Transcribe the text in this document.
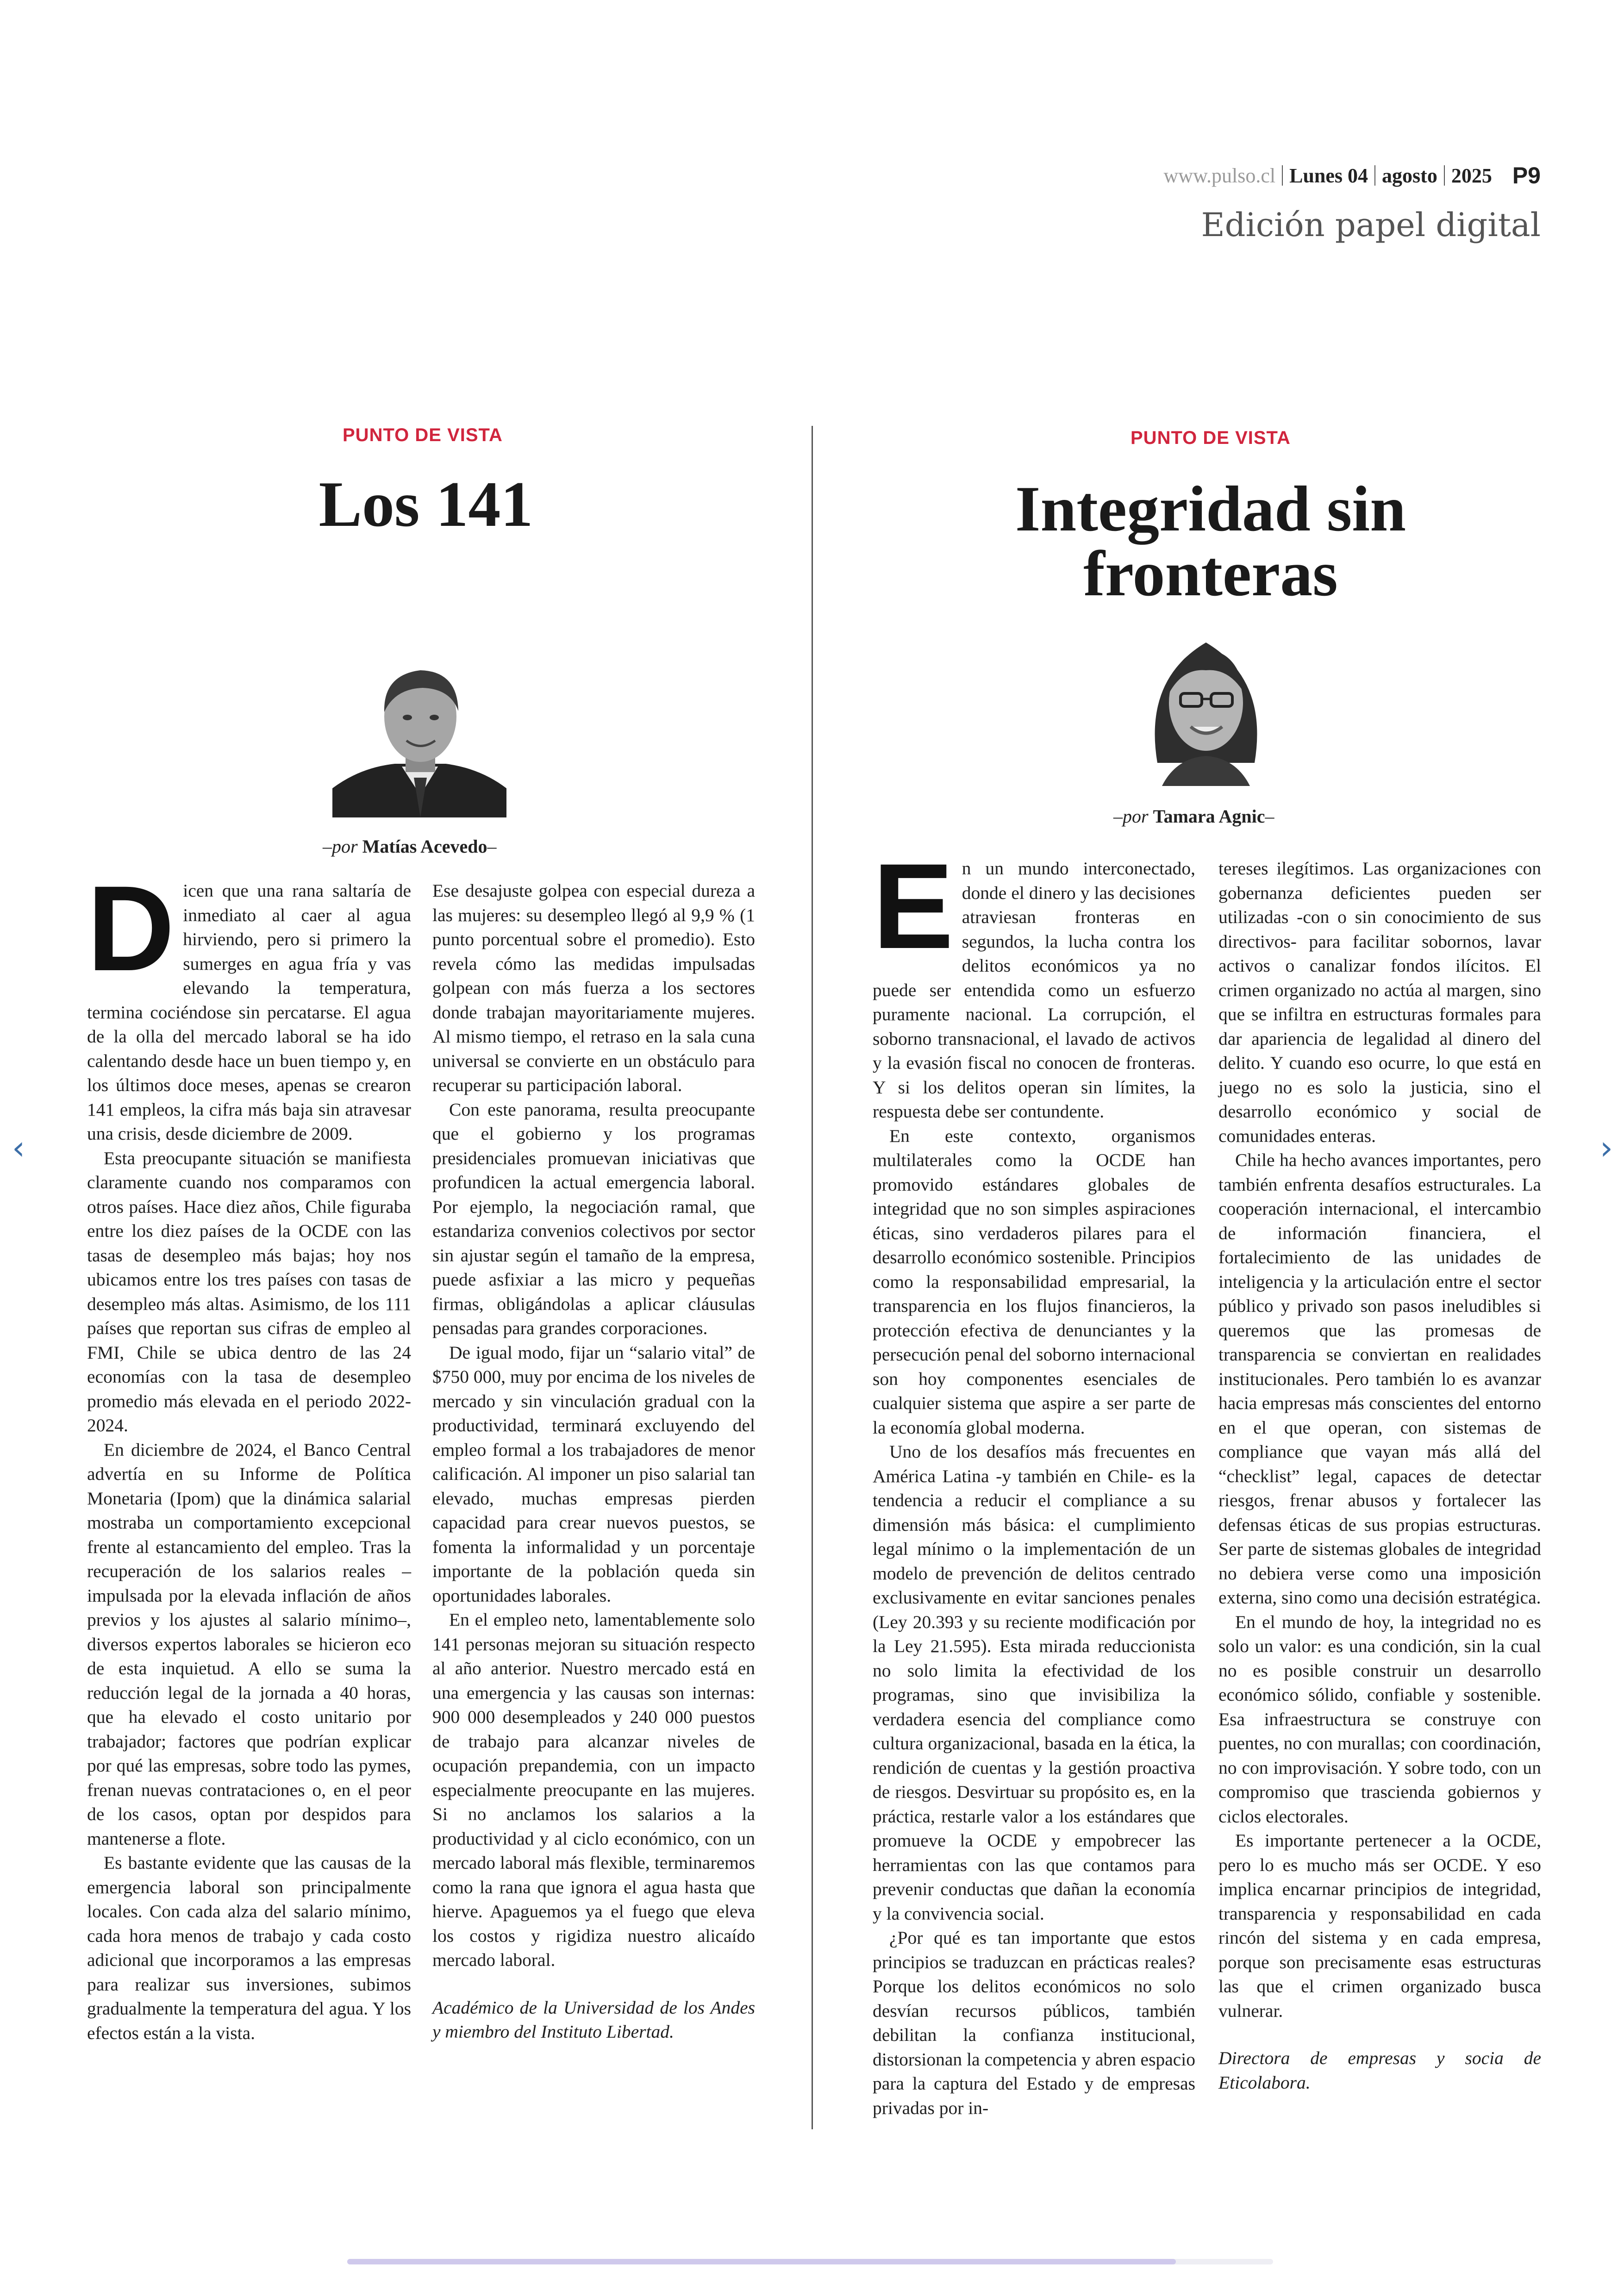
www.pulso.cl Lunes 04 agosto 2025 P9
Edición papel digital
PUNTO DE VISTA
Los 141
–por Matías Acevedo–

Dicen que una rana saltaría de inmediato al caer al agua hirviendo, pero si primero la sumerges en agua fría y vas elevando la temperatura, termina cociéndose sin percatarse. El agua de la olla del mercado laboral se ha ido calentando desde hace un buen tiempo y, en los últimos doce meses, apenas se crearon 141 empleos, la cifra más baja sin atravesar una crisis, desde diciembre de 2009.

Esta preocupante situación se manifiesta claramente cuando nos comparamos con otros países. Hace diez años, Chile figuraba entre los diez países de la OCDE con las tasas de desempleo más bajas; hoy nos ubicamos entre los tres países con tasas de desempleo más altas. Asimismo, de los 111 países que reportan sus cifras de empleo al FMI, Chile se ubica dentro de las 24 economías con la tasa de desempleo promedio más elevada en el periodo 2022-2024.

En diciembre de 2024, el Banco Central advertía en su Informe de Política Monetaria (Ipom) que la dinámica salarial mostraba un comportamiento excepcional frente al estancamiento del empleo. Tras la recuperación de los salarios reales –impulsada por la elevada inflación de años previos y los ajustes al salario mínimo–, diversos expertos laborales se hicieron eco de esta inquietud. A ello se suma la reducción legal de la jornada a 40 horas, que ha elevado el costo unitario por trabajador; factores que podrían explicar por qué las empresas, sobre todo las pymes, frenan nuevas contrataciones o, en el peor de los casos, optan por despidos para mantenerse a flote.

Es bastante evidente que las causas de la emergencia laboral son principalmente locales. Con cada alza del salario mínimo, cada hora menos de trabajo y cada costo adicional que incorporamos a las empresas para realizar sus inversiones, subimos gradualmente la temperatura del agua. Y los efectos están a la vista.

Ese desajuste golpea con especial dureza a las mujeres: su desempleo llegó al 9,9 % (1 punto porcentual sobre el promedio). Esto revela cómo las medidas impulsadas golpean con más fuerza a los sectores donde trabajan mayoritariamente mujeres. Al mismo tiempo, el retraso en la sala cuna universal se convierte en un obstáculo para recuperar su participación laboral.

Con este panorama, resulta preocupante que el gobierno y los programas presidenciales promuevan iniciativas que profundicen la actual emergencia laboral. Por ejemplo, la negociación ramal, que estandariza convenios colectivos por sector sin ajustar según el tamaño de la empresa, puede asfixiar a las micro y pequeñas firmas, obligándolas a aplicar cláusulas pensadas para grandes corporaciones.

De igual modo, fijar un “salario vital” de $750 000, muy por encima de los niveles de mercado y sin vinculación gradual con la productividad, terminará excluyendo del empleo formal a los trabajadores de menor calificación. Al imponer un piso salarial tan elevado, muchas empresas pierden capacidad para crear nuevos puestos, se fomenta la informalidad y un porcentaje importante de la población queda sin oportunidades laborales.

En el empleo neto, lamentablemente solo 141 personas mejoran su situación respecto al año anterior. Nuestro mercado está en una emergencia y las causas son internas: 900 000 desempleados y 240 000 puestos de trabajo para alcanzar niveles de ocupación prepandemia, con un impacto especialmente preocupante en las mujeres. Si no anclamos los salarios a la productividad y al ciclo económico, con un mercado laboral más flexible, terminaremos como la rana que ignora el agua hasta que hierve. Apaguemos ya el fuego que eleva los costos y rigidiza nuestro alicaído mercado laboral.

Académico de la Universidad de los Andes y miembro del Instituto Libertad.

PUNTO DE VISTA
Integridad sin
fronteras
–por Tamara Agnic–

En un mundo interconectado, donde el dinero y las decisiones atraviesan fronteras en segundos, la lucha contra los delitos económicos ya no puede ser entendida como un esfuerzo puramente nacional. La corrupción, el soborno transnacional, el lavado de activos y la evasión fiscal no conocen de fronteras. Y si los delitos operan sin límites, la respuesta debe ser contundente.

En este contexto, organismos multilaterales como la OCDE han promovido estándares globales de integridad que no son simples aspiraciones éticas, sino verdaderos pilares para el desarrollo económico sostenible. Principios como la responsabilidad empresarial, la transparencia en los flujos financieros, la protección efectiva de denunciantes y la persecución penal del soborno internacional son hoy componentes esenciales de cualquier sistema que aspire a ser parte de la economía global moderna.

Uno de los desafíos más frecuentes en América Latina -y también en Chile- es la tendencia a reducir el compliance a su dimensión más básica: el cumplimiento legal mínimo o la implementación de un modelo de prevención de delitos centrado exclusivamente en evitar sanciones penales (Ley 20.393 y su reciente modificación por la Ley 21.595). Esta mirada reduccionista no solo limita la efectividad de los programas, sino que invisibiliza la verdadera esencia del compliance como cultura organizacional, basada en la ética, la rendición de cuentas y la gestión proactiva de riesgos. Desvirtuar su propósito es, en la práctica, restarle valor a los estándares que promueve la OCDE y empobrecer las herramientas con las que contamos para prevenir conductas que dañan la economía y la convivencia social.

¿Por qué es tan importante que estos principios se traduzcan en prácticas reales? Porque los delitos económicos no solo desvían recursos públicos, también debilitan la confianza institucional, distorsionan la competencia y abren espacio para la captura del Estado y de empresas privadas por in-

tereses ilegítimos. Las organizaciones con gobernanza deficientes pueden ser utilizadas -con o sin conocimiento de sus directivos- para facilitar sobornos, lavar activos o canalizar fondos ilícitos. El crimen organizado no actúa al margen, sino que se infiltra en estructuras formales para dar apariencia de legalidad al dinero del delito. Y cuando eso ocurre, lo que está en juego no es solo la justicia, sino el desarrollo económico y social de comunidades enteras.

Chile ha hecho avances importantes, pero también enfrenta desafíos estructurales. La cooperación internacional, el intercambio de información financiera, el fortalecimiento de las unidades de inteligencia y la articulación entre el sector público y privado son pasos ineludibles si queremos que las promesas de transparencia se conviertan en realidades institucionales. Pero también lo es avanzar hacia empresas más conscientes del entorno en el que operan, con sistemas de compliance que vayan más allá del “checklist” legal, capaces de detectar riesgos, frenar abusos y fortalecer las defensas éticas de sus propias estructuras. Ser parte de sistemas globales de integridad no debiera verse como una imposición externa, sino como una decisión estratégica.

En el mundo de hoy, la integridad no es solo un valor: es una condición, sin la cual no es posible construir un desarrollo económico sólido, confiable y sostenible. Esa infraestructura se construye con puentes, no con murallas; con coordinación, no con improvisación. Y sobre todo, con un compromiso que trascienda gobiernos y ciclos electorales.

Es importante pertenecer a la OCDE, pero lo es mucho más ser OCDE. Y eso implica encarnar principios de integridad, transparencia y responsabilidad en cada rincón del sistema y en cada empresa, porque son precisamente esas estructuras las que el crimen organizado busca vulnerar.

Directora de empresas y socia de Eticolabora.

‹	›
